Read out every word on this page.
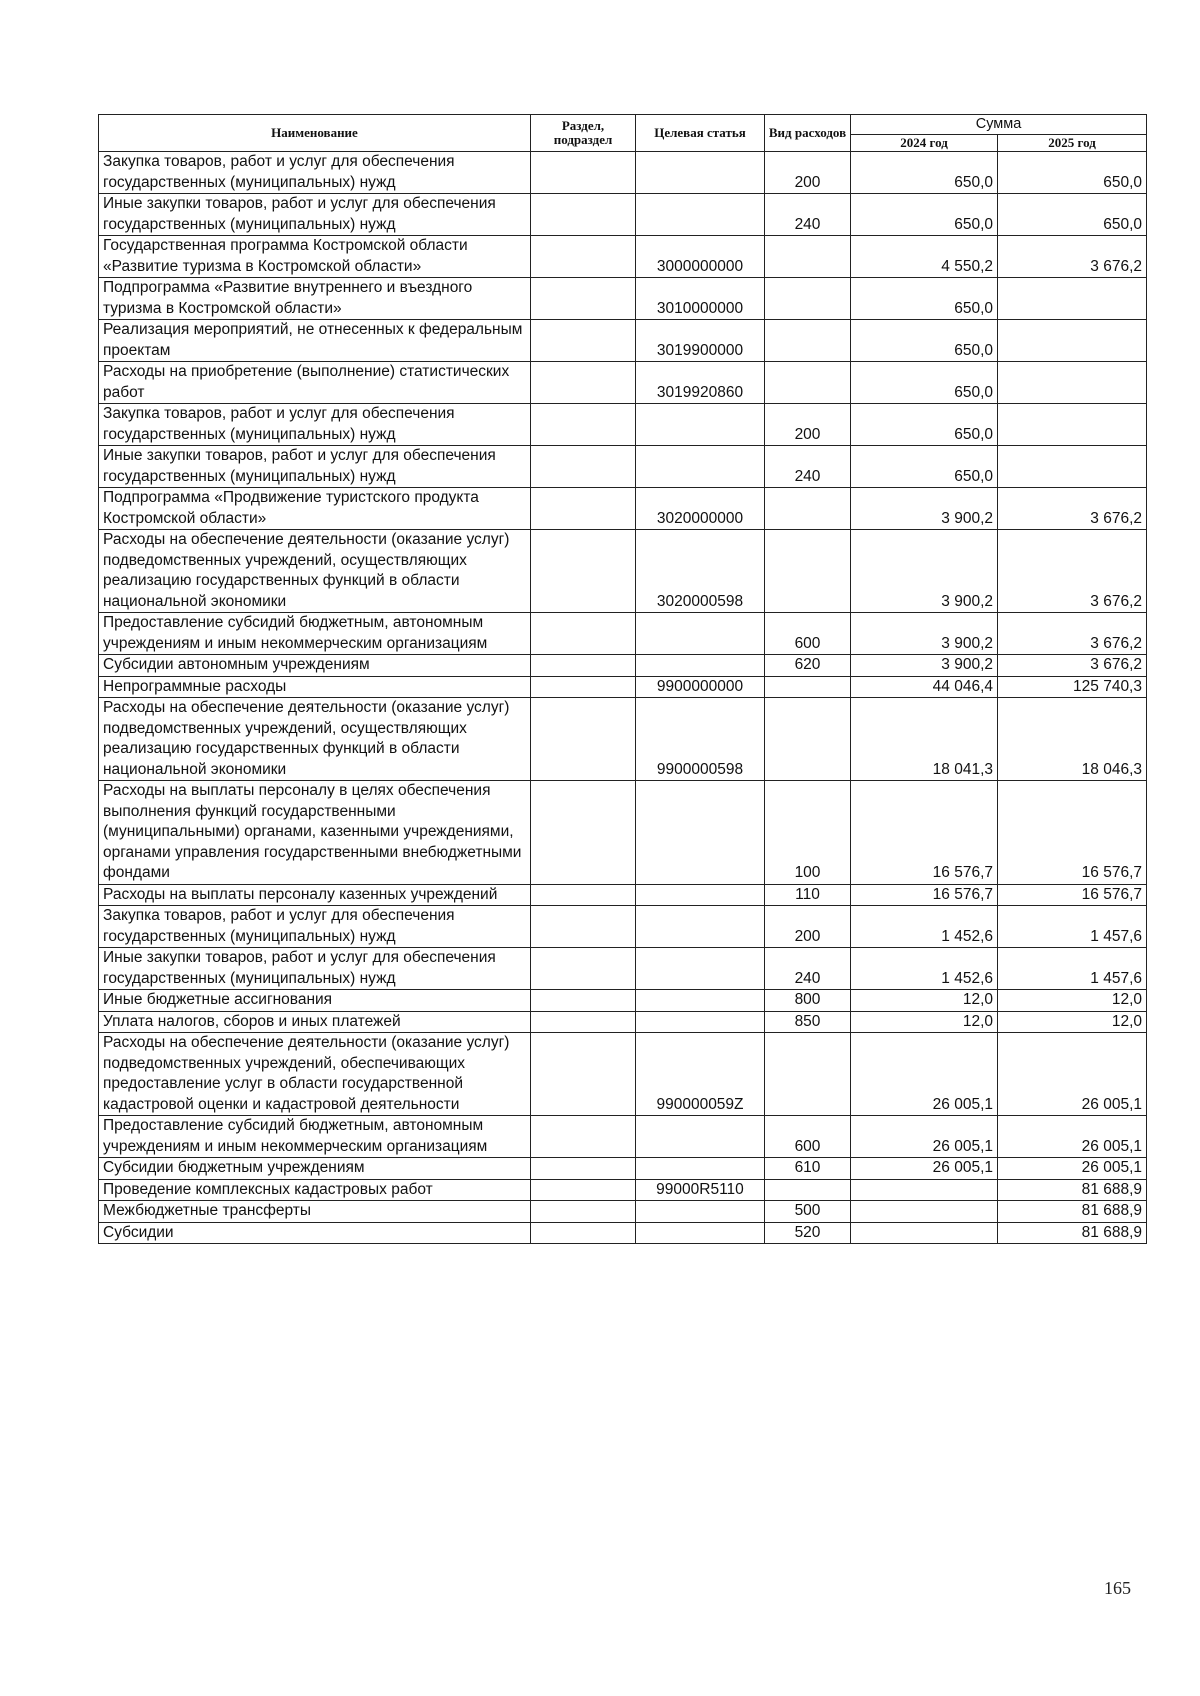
Наименование	Раздел, подраздел	Целевая статья	Вид расходов	Сумма	
				2024 год	2025 год
Закупка товаров, работ и услуг для обеспечения государственных (муниципальных) нужд			200	650,0	650,0
Иные закупки товаров, работ и услуг для обеспечения государственных (муниципальных) нужд			240	650,0	650,0
Государственная программа Костромской области «Развитие туризма в Костромской области»		3000000000		4 550,2	3 676,2
Подпрограмма «Развитие внутреннего и въездного туризма в Костромской области»		3010000000		650,0	
Реализация мероприятий, не отнесенных к федеральным проектам		3019900000		650,0	
Расходы на приобретение (выполнение) статистических работ		3019920860		650,0	
Закупка товаров, работ и услуг для обеспечения государственных (муниципальных) нужд			200	650,0	
Иные закупки товаров, работ и услуг для обеспечения государственных (муниципальных) нужд			240	650,0	
Подпрограмма «Продвижение туристского продукта Костромской области»		3020000000		3 900,2	3 676,2
Расходы на обеспечение деятельности (оказание услуг) подведомственных учреждений, осуществляющих реализацию государственных функций в области национальной экономики		3020000598		3 900,2	3 676,2
Предоставление субсидий бюджетным, автономным учреждениям и иным некоммерческим организациям			600	3 900,2	3 676,2
Субсидии автономным учреждениям			620	3 900,2	3 676,2
Непрограммные расходы		9900000000		44 046,4	125 740,3
Расходы на обеспечение деятельности (оказание услуг) подведомственных учреждений, осуществляющих реализацию государственных функций в области национальной экономики		9900000598		18 041,3	18 046,3
Расходы на выплаты персоналу в целях обеспечения выполнения функций государственными (муниципальными) органами, казенными учреждениями, органами управления государственными внебюджетными фондами			100	16 576,7	16 576,7
Расходы на выплаты персоналу казенных учреждений			110	16 576,7	16 576,7
Закупка товаров, работ и услуг для обеспечения государственных (муниципальных) нужд			200	1 452,6	1 457,6
Иные закупки товаров, работ и услуг для обеспечения государственных (муниципальных) нужд			240	1 452,6	1 457,6
Иные бюджетные ассигнования			800	12,0	12,0
Уплата налогов, сборов и иных платежей			850	12,0	12,0
Расходы на обеспечение деятельности (оказание услуг) подведомственных учреждений, обеспечивающих предоставление услуг в области государственной кадастровой оценки и кадастровой деятельности		990000059Z		26 005,1	26 005,1
Предоставление субсидий бюджетным, автономным учреждениям и иным некоммерческим организациям			600	26 005,1	26 005,1
Субсидии бюджетным учреждениям			610	26 005,1	26 005,1
Проведение комплексных кадастровых работ		99000R5110			81 688,9
Межбюджетные трансферты			500		81 688,9
Субсидии			520		81 688,9
165
